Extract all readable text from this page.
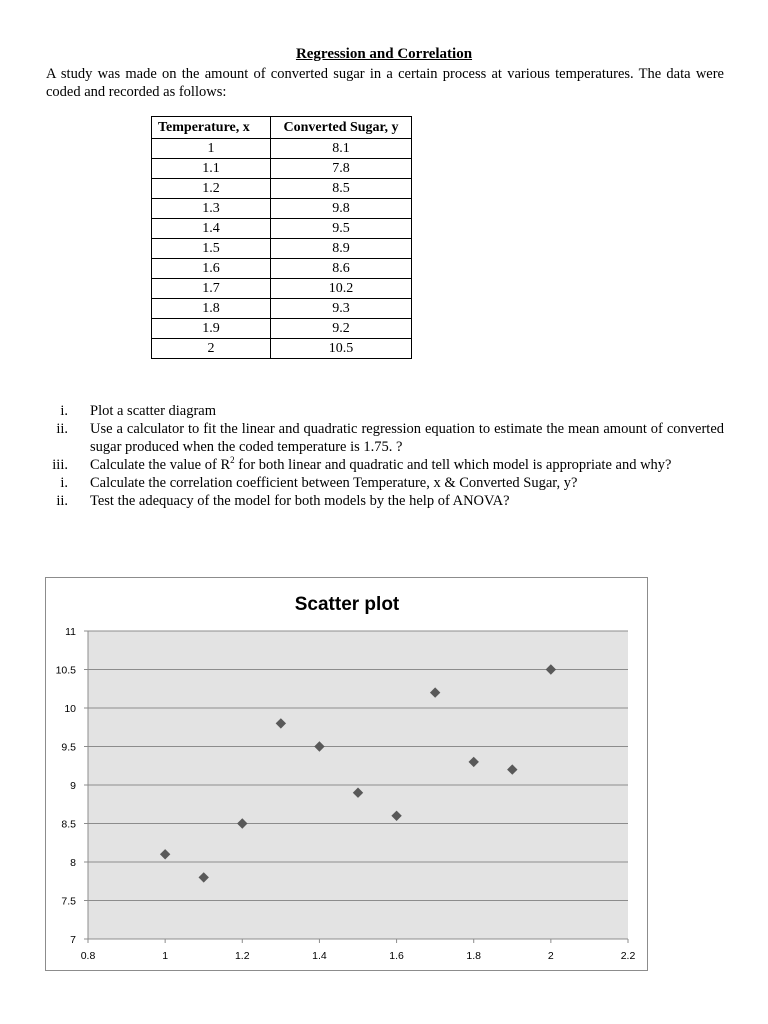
Regression and Correlation
A study was made on the amount of converted sugar in a certain process at various temperatures. The data were coded and recorded as follows:
Temperature, x	Converted Sugar, y
1	8.1
1.1	7.8
1.2	8.5
1.3	9.8
1.4	9.5
1.5	8.9
1.6	8.6
1.7	10.2
1.8	9.3
1.9	9.2
2	10.5
i. Plot a scatter diagram
ii. Use a calculator to fit the linear and quadratic regression equation to estimate the mean amount of converted sugar produced when the coded temperature is 1.75. ?
iii. Calculate the value of $R^2$ for both linear and quadratic and tell which model is appropriate and why?
i. Calculate the correlation coefficient between Temperature, x & Converted Sugar, y?
ii. Test the adequacy of the model for both models by the help of ANOVA?
Scatter plot
7
7.5
8
8.5
9
9.5
10
10.5
11
0.8	1	1.2	1.4	1.6	1.8	2	2.2
